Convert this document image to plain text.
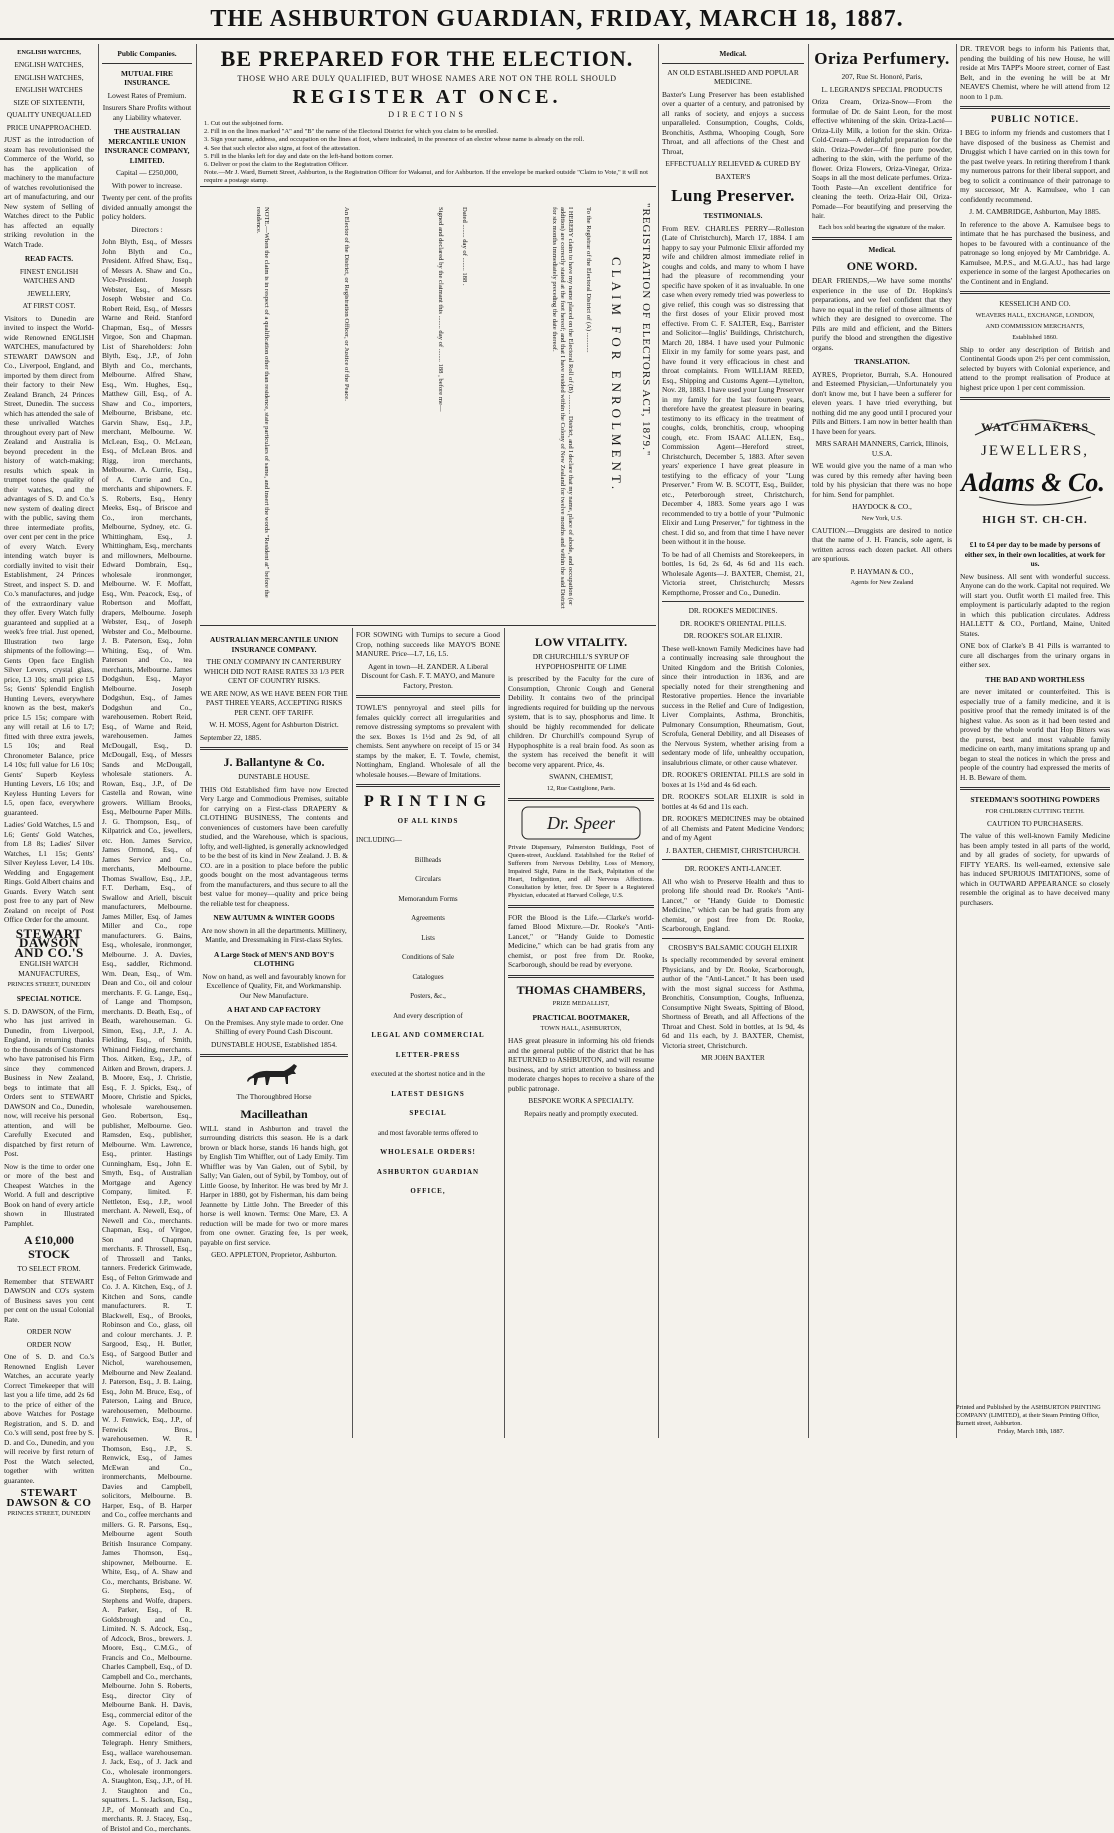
THE ASHBURTON GUARDIAN, FRIDAY, MARCH 18, 1887.

ENGLISH WATCHES,

ENGLISH WATCHES,

ENGLISH WATCHES,

ENGLISH WATCHES

SIZE OF SIXTEENTH,

QUALITY UNEQUALLED

PRICE UNAPPROACHED.

JUST as the introduction of steam has revolutionised the Commerce of the World, so has the application of machinery to the manufacture of watches revolutionised the art of manufacturing, and our New system of Selling of Watches direct to the Public has affected an equally striking revolution in the Watch Trade.

READ FACTS.

FINEST ENGLISH WATCHES AND

JEWELLERY,

AT FIRST COST.

Visitors to Dunedin are invited to inspect the World-wide Renowned ENGLISH WATCHES, manufactured by STEWART DAWSON and Co., Liverpool, England, and imported by them direct from their factory to their New Zealand Branch, 24 Princes Street, Dunedin. The success which has attended the sale of these unrivalled Watches throughout every part of New Zealand and Australia is beyond precedent in the history of watch-making; results which speak in trumpet tones the quality of their watches, and the advantages of S. D. and Co.'s new system of dealing direct with the public, saving them three intermediate profits, over cent per cent in the price of every Watch. Every intending watch buyer is cordially invited to visit their Establishment, 24 Princes Street, and inspect S. D. and Co.'s manufactures, and judge of the extraordinary value they offer. Every Watch fully guaranteed and supplied at a week's free trial. Just opened, Illustration two large shipments of the following:—Gents Open face English Silver Levers, crystal glass, price, L3 10s; small price L5 5s; Gents' Splendid English Hunting Levers, everywhere known as the best, maker's price L5 15s; compare with any will retail at L6 to L7; fitted with three extra jewels, L5 10s; and Real Chronometer Balance, price L4 10s; full value for L6 10s; Gents' Superb Keyless Hunting Levers, L6 10s; and Keyless Hunting Levers for L5, open face, everywhere guaranteed.

Ladies' Gold Watches, L5 and L6; Gents' Gold Watches, from L8 8s; Ladies' Silver Watches, L1 15s; Gents' Silver Keyless Lever, L4 10s. Wedding and Engagement Rings. Gold Albert chains and Guards. Every Watch sent post free to any part of New Zealand on receipt of Post Office Order for the amount.

STEWART DAWSON AND CO.'S

ENGLISH WATCH MANUFACTURES,

PRINCES STREET, DUNEDIN

SPECIAL NOTICE.

S. D. DAWSON, of the Firm, who has just arrived in Dunedin, from Liverpool, England, in returning thanks to the thousands of Customers who have patronised his Firm since they commenced Business in New Zealand, begs to intimate that all Orders sent to STEWART DAWSON and Co., Dunedin, now, will receive his personal attention, and will be Carefully Executed and dispatched by first return of Post.

Now is the time to order one or more of the best and Cheapest Watches in the World. A full and descriptive Book on hand of every article shown in Illustrated Pamphlet.

A £10,000 STOCK

TO SELECT FROM.

Remember that STEWART DAWSON and CO's system of Business saves you cent per cent on the usual Colonial Rate.

ORDER NOW

ORDER NOW

One of S. D. and Co.'s Renowned English Lever Watches, an accurate yearly Correct Timekeeper that will last you a life time, add 2s 6d to the price of either of the above Watches for Postage Registration, and S. D. and Co.'s will send, post free by S. D. and Co., Dunedin, and you will receive by first return of Post the Watch selected, together with written guarantee.

STEWART DAWSON & CO

PRINCES STREET, DUNEDIN

Public Companies.

MUTUAL FIRE INSURANCE.

Lowest Rates of Premium.

Insurers Share Profits without any Liability whatever.

THE AUSTRALIAN MERCANTILE UNION INSURANCE COMPANY, LIMITED.

Capital — £250,000,

With power to increase.

Twenty per cent. of the profits divided annually amongst the policy holders.

Directors :

John Blyth, Esq., of Messrs John Blyth and Co., President. Alfred Shaw, Esq., of Messrs A. Shaw and Co., Vice-President. Joseph Webster, Esq., of Messrs Joseph Webster and Co. Robert Reid, Esq., of Messrs Warne and Reid. Stanford Chapman, Esq., of Messrs Virgoe, Son and Chapman. List of Shareholders: John Blyth, Esq., J.P., of John Blyth and Co., merchants, Melbourne. Alfred Shaw, Esq., Wm. Hughes, Esq., Matthew Gill, Esq., of A. Shaw and Co., importers, Melbourne, Brisbane, etc. Garvin Shaw, Esq., J.P., merchant, Melbourne. W. McLean, Esq., O. McLean, Esq., of McLean Bros. and Rigg, iron merchants, Melbourne. A. Currie, Esq., of A. Currie and Co., merchants and shipowners. F. S. Roberts, Esq., Henry Meeks, Esq., of Briscoe and Co., iron merchants, Melbourne, Sydney, etc. G. Whittingham, Esq., J. Whittingham, Esq., merchants and millowners, Melbourne. Edward Dombrain, Esq., wholesale ironmonger, Melbourne. W. F. Moffatt, Esq., Wm. Peacock, Esq., of Robertson and Moffatt, drapers, Melbourne. Joseph Webster, Esq., of Joseph Webster and Co., Melbourne. J. B. Paterson, Esq., John Whiting, Esq., of Wm. Paterson and Co., tea merchants, Melbourne. James Dodgshun, Esq., Mayor Melbourne. Joseph Dodgshun, Esq., of James Dodgshun and Co., warehousemen. Robert Reid, Esq., of Warne and Reid, warehousemen. James McDougall, Esq., D. McDougall, Esq., of Messrs Sands and McDougall, wholesale stationers. A. Rowan, Esq., J.P., of De Castella and Rowan, wine growers. William Brooks, Esq., Melbourne Paper Mills. J. G. Thompson, Esq., of Kilpatrick and Co., jewellers, etc. Hon. James Service, James Ormond, Esq., of James Service and Co., merchants, Melbourne. Thomas Swallow, Esq., J.P., F.T. Derham, Esq., of Swallow and Ariell, biscuit manufacturers, Melbourne. James Miller, Esq. of James Miller and Co., rope manufacturers. G. Bains, Esq., wholesale, ironmonger, Melbourne. J. A. Davies, Esq., saddler, Richmond. Wm. Dean, Esq., of Wm. Dean and Co., oil and colour merchants. F. G. Lange, Esq., of Lange and Thompson, merchants. D. Beath, Esq., of Beath, warehouseman. G. Simon, Esq., J.P., J. A. Fielding, Esq., of Smith, Whinand Fielding, merchants. Thos. Aitken, Esq., J.P., of Aitken and Brown, drapers. J. B. Moore, Esq., J. Christie, Esq., F. J. Spicks, Esq., of Moore, Christie and Spicks, wholesale warehousemen. Geo. Robertson, Esq., publisher, Melbourne. Geo. Ramsden, Esq., publisher, Melbourne. Wm. Lawrence, Esq., printer. Hastings Cunningham, Esq., John E. Smyth, Esq., of Australian Mortgage and Agency Company, limited. F. Nettleton, Esq., J.P., wool merchant. A. Newell, Esq., of Newell and Co., merchants. Chapman, Esq., of Virgoe, Son and Chapman, merchants. F. Throssell, Esq., of Throssell and Tanks, tanners. Frederick Grimwade, Esq., of Felton Grimwade and Co. J. A. Kitchen, Esq., of J. Kitchen and Sons, candle manufacturers. R. T. Blackwell, Esq., of Brooks, Robinson and Co., glass, oil and colour merchants. J. P. Sargood, Esq., H. Butler, Esq., of Sargood Butler and Nichol, warehousemen, Melbourne and New Zealand. J. Paterson, Esq., J. B. Laing, Esq., John M. Bruce, Esq., of Paterson, Laing and Bruce, warehousemen, Melbourne. W. J. Fenwick, Esq., J.P., of Fenwick Bros., warehousemen. W. R. Thomson, Esq., J.P., S. Renwick, Esq., of James McEwan and Co., ironmerchants, Melbourne. Davies and Campbell, solicitors, Melbourne. B. Harper, Esq., of B. Harper and Co., coffee merchants and millers. G. R. Parsons, Esq., Melbourne agent South British Insurance Company. James Thomson, Esq., shipowner, Melbourne. E. White, Esq., of A. Shaw and Co., merchants, Brisbane. W. G. Stephens, Esq., of Stephens and Wolfe, drapers. A. Parker, Esq., of R. Goldsbrough and Co., Limited. N. S. Adcock, Esq., of Adcock, Bros., brewers. J. Moore, Esq., C.M.G., of Francis and Co., Melbourne. Charles Campbell, Esq., of D. Campbell and Co., merchants, Melbourne. John S. Roberts, Esq., director City of Melbourne Bank. H. Davis, Esq., commercial editor of the Age. S. Copeland, Esq., commercial editor of the Telegraph. Henry Smithers, Esq., wallace warehouseman. J. Jack, Esq., of J. Jack and Co., wholesale ironmongers. A. Staughton, Esq., J.P., of H. J. Staughton and Co., squatters. L. S. Jackson, Esq., J.P., of Monteath and Co., merchants. R. J. Stacey, Esq., of Bristol and Co., merchants.

BE PREPARED FOR THE ELECTION.
THOSE WHO ARE DULY QUALIFIED, BUT WHOSE NAMES ARE NOT ON THE ROLL SHOULD
REGISTER AT ONCE.
DIRECTIONS
1. Cut out the subjoined form.
2. Fill in on the lines marked "A" and "B" the name of the Electoral District for which you claim to be enrolled.
3. Sign your name, address, and occupation on the lines at foot, where indicated, in the presence of an elector whose name is already on the roll.
4. See that such elector also signs, at foot of the attestation.
5. Fill in the blanks left for day and date on the left-hand bottom corner.
6. Deliver or post the claim to the Registration Officer.
Note.—Mr J. Ward, Burnett Street, Ashburton, is the Registration Officer for Wakanui, and for Ashburton. If the envelope be marked outside "Claim to Vote," it will not require a postage stamp.
"REGISTRATION OF ELECTORS ACT, 1879."
CLAIM FOR ENROLMENT.
To the Registrar of the Electoral District of (A) ............
I HEREBY claim to have my name placed on the Electoral Roll of (B) ............ District, and I declare that my name, place of abode, and occupation (or addition) are correctly stated at the foot hereof; and that I have resided within the Colony of New Zealand for twelve months and within the said District for six months immediately preceding the date thereof.
Dated ........ day of ........ 188 .
Signed and declared by the claimant this ........ day of ........ 188 , before me—
An Elector of the District, or Registration Officer, or Justice of the Peace.
NOTE.—When the claim is in respect of a qualification other than residence, state particulars of same, and insert the words "Resident at" before the residence.

AUSTRALIAN MERCANTILE UNION INSURANCE COMPANY.

THE ONLY COMPANY IN CANTERBURY WHICH DID NOT RAISE RATES 33 1/3 PER CENT OF COUNTRY RISKS.

WE ARE NOW, AS WE HAVE BEEN FOR THE PAST THREE YEARS, ACCEPTING RISKS PER CENT. OFF TARIFF.

W. H. MOSS, Agent for Ashburton District.

September 22, 1885.

J. Ballantyne & Co.

DUNSTABLE HOUSE.

THIS Old Established firm have now Erected Very Large and Commodious Premises, suitable for carrying on a First-class DRAPERY & CLOTHING BUSINESS, The contents and conveniences of customers have been carefully studied, and the Warehouse, which is spacious, lofty, and well-lighted, is generally acknowledged to be the best of its kind in New Zealand. J. B. & CO. are in a position to place before the public goods bought on the most advantageous terms from the manufacturers, and thus secure to all the best value for money—quality and price being the reliable test for cheapness.

NEW AUTUMN & WINTER GOODS

Are now shown in all the departments. Millinery, Mantle, and Dressmaking in First-class Styles.

A Large Stock of MEN'S AND BOY'S CLOTHING

Now on hand, as well and favourably known for Excellence of Quality, Fit, and Workmanship. Our New Manufacture.

A HAT AND CAP FACTORY

On the Premises. Any style made to order. One Shilling of every Pound Cash Discount.

DUNSTABLE HOUSE, Established 1854.

The Thoroughbred Horse

Macilleathan

WILL stand in Ashburton and travel the surrounding districts this season. He is a dark brown or black horse, stands 16 hands high, got by English Tim Whiffler, out of Lady Emily. Tim Whiffler was by Van Galen, out of Sybil, by Sally; Van Galen, out of Sybil, by Tomboy, out of Little Goose, by Inheritor. He was bred by Mr J. Harper in 1880, got by Fisherman, his dam being Jeannette by Little John. The Breeder of this horse is well known. Terms: One Mare, £3. A reduction will be made for two or more mares from one owner. Grazing fee, 1s per week, payable on first service.

GEO. APPLETON, Proprietor, Ashburton.

FOR SOWING with Turnips to secure a Good Crop, nothing succeeds like MAYO'S BONE MANURE. Price—L7, L6, L5.

Agent in town—H. ZANDER. A Liberal Discount for Cash. F. T. MAYO, and Manure Factory, Preston.

TOWLE'S pennyroyal and steel pills for females quickly correct all irregularities and remove distressing symptoms so prevalent with the sex. Boxes 1s 1½d and 2s 9d, of all chemists. Sent anywhere on receipt of 15 or 34 stamps by the maker, E. T. Towle, chemist, Nottingham, England. Wholesale of all the wholesale houses.—Beware of Imitations.

PRINTING

OF ALL KINDS

INCLUDING—

Billheads

Circulars

Memorandum Forms

Agreements

Lists

Conditions of Sale

Catalogues

Posters, &c.,

And every description of

LEGAL AND COMMERCIAL

LETTER-PRESS

executed at the shortest notice and in the

LATEST DESIGNS

SPECIAL

and most favorable terms offered to

WHOLESALE ORDERS!

ASHBURTON GUARDIAN

OFFICE,

LOW VITALITY.

DR CHURCHILL'S SYRUP OF HYPOPHOSPHITE OF LIME

is prescribed by the Faculty for the cure of Consumption, Chronic Cough and General Debility. It contains two of the principal ingredients required for building up the nervous system, that is to say, phosphorus and lime. It should be highly recommended for delicate children. Dr Churchill's compound Syrup of Hypophosphite is a real brain food. As soon as the system has received the benefit it will become very apparent. Price, 4s.

SWANN, CHEMIST,

12, Rue Castiglione, Paris.

Dr. Speer

Private Dispensary, Palmerston Buildings, Foot of Queen-street, Auckland. Established for the Relief of Sufferers from Nervous Debility, Loss of Memory, Impaired Sight, Pains in the Back, Palpitation of the Heart, Indigestion, and all Nervous Affections. Consultation by letter, free. Dr Speer is a Registered Physician, educated at Harvard College, U.S.

FOR the Blood is the Life.—Clarke's world-famed Blood Mixture.—Dr. Rooke's "Anti-Lancet," or "Handy Guide to Domestic Medicine," which can be had gratis from any chemist, or post free from Dr. Rooke, Scarborough, should be read by everyone.

THOMAS CHAMBERS,

PRIZE MEDALLIST,

PRACTICAL BOOTMAKER,

TOWN HALL, ASHBURTON,

HAS great pleasure in informing his old friends and the general public of the district that he has RETURNED to ASHBURTON, and will resume business, and by strict attention to business and moderate charges hopes to receive a share of the public patronage.

BESPOKE WORK A SPECIALTY.

Repairs neatly and promptly executed.

Medical.

AN OLD ESTABLISHED AND POPULAR MEDICINE.

Baxter's Lung Preserver has been established over a quarter of a century, and patronised by all ranks of society, and enjoys a success unparalleled. Consumption, Coughs, Colds, Bronchitis, Asthma, Whooping Cough, Sore Throat, and all affections of the Chest and Throat,

EFFECTUALLY RELIEVED & CURED BY

BAXTER'S

Lung Preserver.

TESTIMONIALS.

From REV. CHARLES PERRY—Rolleston (Late of Christchurch), March 17, 1884. I am happy to say your Pulmonic Elixir afforded my wife and children almost immediate relief in coughs and colds, and many to whom I have had the pleasure of recommending your specific have spoken of it as invaluable. In one case when every remedy tried was powerless to give relief, this cough was so distressing that the first doses of your Elixir proved most effective. From C. F. SALTER, Esq., Barrister and Solicitor—Inglis' Buildings, Christchurch, March 20, 1884. I have used your Pulmonic Elixir in my family for some years past, and have found it very efficacious in chest and throat complaints. From WILLIAM REED, Esq., Shipping and Customs Agent—Lyttelton, Nov. 28, 1883. I have used your Lung Preserver in my family for the last fourteen years, therefore have the greatest pleasure in bearing testimony to its efficacy in the treatment of coughs, colds, bronchitis, croup, whooping cough, etc. From ISAAC ALLEN, Esq., Commission Agent—Hereford street, Christchurch, December 5, 1883. After seven years' experience I have great pleasure in testifying to the efficacy of your "Lung Preserver." From W. B. SCOTT, Esq., Builder, etc., Peterborough street, Christchurch, December 4, 1883. Some years ago I was recommended to try a bottle of your "Pulmonic Elixir and Lung Preserver," for tightness in the chest. I did so, and from that time I have never been without it in the house.

To be had of all Chemists and Storekeepers, in bottles, 1s 6d, 2s 6d, 4s 6d and 11s each. Wholesale Agents—J. BAXTER, Chemist, 21, Victoria street, Christchurch; Messrs Kempthorne, Prosser and Co., Dunedin.

DR. ROOKE'S MEDICINES.

DR. ROOKE'S ORIENTAL PILLS.

DR. ROOKE'S SOLAR ELIXIR.

These well-known Family Medicines have had a continually increasing sale throughout the United Kingdom and the British Colonies, since their introduction in 1836, and are specially noted for their strengthening and Restorative properties. Hence the invariable success in the Relief and Cure of Indigestion, Liver Complaints, Asthma, Bronchitis, Pulmonary Consumption, Rheumatism, Gout, Scrofula, General Debility, and all Diseases of the Nervous System, whether arising from a sedentary mode of life, unhealthy occupation, insalubrious climate, or other cause whatever.

DR. ROOKE'S ORIENTAL PILLS are sold in boxes at 1s 1½d and 4s 6d each.

DR. ROOKE'S SOLAR ELIXIR is sold in bottles at 4s 6d and 11s each.

DR. ROOKE'S MEDICINES may be obtained of all Chemists and Patent Medicine Vendors; and of my Agent

J. BAXTER, CHEMIST, CHRISTCHURCH.

DR. ROOKE'S ANTI-LANCET.

All who wish to Preserve Health and thus to prolong life should read Dr. Rooke's "Anti-Lancet," or "Handy Guide to Domestic Medicine," which can be had gratis from any chemist, or post free from Dr. Rooke, Scarborough, England.

CROSBY'S BALSAMIC COUGH ELIXIR

Is specially recommended by several eminent Physicians, and by Dr. Rooke, Scarborough, author of the "Anti-Lancet." It has been used with the most signal success for Asthma, Bronchitis, Consumption, Coughs, Influenza, Consumptive Night Sweats, Spitting of Blood, Shortness of Breath, and all Affections of the Throat and Chest. Sold in bottles, at 1s 9d, 4s 6d and 11s each, by J. BAXTER, Chemist, Victoria street, Christchurch.

MR JOHN BAXTER

Oriza Perfumery.

207, Rue St. Honoré, Paris,

L. LEGRAND'S SPECIAL PRODUCTS

Oriza Cream, Oriza-Snow—From the formulae of Dr. de Saint Leon, for the most effective whitening of the skin. Oriza-Lacté—Oriza-Lily Milk, a lotion for the skin. Oriza-Cold-Cream—A delightful preparation for the skin. Oriza-Powder—Of fine pure powder, adhering to the skin, with the perfume of the flower. Oriza Flowers, Oriza-Vinegar, Oriza-Soaps in all the most delicate perfumes. Oriza-Tooth Paste—An excellent dentifrice for cleaning the teeth. Oriza-Hair Oil, Oriza-Pomade—For beautifying and preserving the hair.

Each box sold bearing the signature of the maker.

Medical.

ONE WORD.

DEAR FRIENDS,—We have some months' experience in the use of Dr. Hopkins's preparations, and we feel confident that they have no equal in the relief of those ailments of which they are designed to overcome. The Pills are mild and efficient, and the Bitters purify the blood and strengthen the digestive organs.

TRANSLATION.

AYRES, Proprietor, Burrah, S.A. Honoured and Esteemed Physician,—Unfortunately you don't know me, but I have been a sufferer for eleven years. I have tried everything, but nothing did me any good until I procured your Pills and Bitters. I am now in better health than I have been for years.

MRS SARAH MANNERS, Carrick, Illinois, U.S.A.

WE would give you the name of a man who was cured by this remedy after having been told by his physician that there was no hope for him. Send for pamphlet.

HAYDOCK & CO.,

New York, U.S.

CAUTION.—Druggists are desired to notice that the name of J. H. Francis, sole agent, is written across each dozen packet. All others are spurious.

P. HAYMAN & CO.,

Agents for New Zealand

DR. TREVOR begs to inform his Patients that, pending the building of his new House, he will reside at Mrs TAPP's Moore street, corner of East Belt, and in the evening he will be at Mr NEAVE'S Chemist, where he will attend from 12 noon to 1 p.m.

PUBLIC NOTICE.

I BEG to inform my friends and customers that I have disposed of the business as Chemist and Druggist which I have carried on in this town for the past twelve years. In retiring therefrom I thank my numerous patrons for their liberal support, and beg to solicit a continuance of their patronage to my successor, Mr A. Kamulsee, who I can confidently recommend.

J. M. CAMBRIDGE, Ashburton, May 1885.

In reference to the above A. Kamulsee begs to intimate that he has purchased the business, and hopes to be favoured with a continuance of the patronage so long enjoyed by Mr Cambridge. A. Kamulsee, M.P.S., and M.G.A.U., has had large experience in some of the largest Apothecaries on the Continent and in England.

KESSELICH AND CO.

WEAVERS HALL, EXCHANGE, LONDON,

AND COMMISSION MERCHANTS,

Established 1860.

Ship to order any description of British and Continental Goods upon 2½ per cent commission, selected by buyers with Colonial experience, and attend to the prompt realisation of Produce at highest price upon 1 per cent commission.

WATCHMAKERS
JEWELLERS,
Adams & Co.
HIGH ST. CH-CH.

£1 to £4 per day to be made by persons of either sex, in their own localities, at work for us.

New business. All sent with wonderful success. Anyone can do the work. Capital not required. We will start you. Outfit worth £1 mailed free. This employment is particularly adapted to the region in which this publication circulates. Address HALLETT & CO., Portland, Maine, United States.

ONE box of Clarke's B 41 Pills is warranted to cure all discharges from the urinary organs in either sex.

THE BAD AND WORTHLESS

are never imitated or counterfeited. This is especially true of a family medicine, and it is positive proof that the remedy imitated is of the highest value. As soon as it had been tested and proved by the whole world that Hop Bitters was the purest, best and most valuable family medicine on earth, many imitations sprang up and began to steal the notices in which the press and people of the country had expressed the merits of H. B. Beware of them.

STEEDMAN'S SOOTHING POWDERS

FOR CHILDREN CUTTING TEETH.

CAUTION TO PURCHASERS.

The value of this well-known Family Medicine has been amply tested in all parts of the world, and by all grades of society, for upwards of FIFTY YEARS. Its well-earned, extensive sale has induced SPURIOUS IMITATIONS, some of which in OUTWARD APPEARANCE so closely resemble the original as to have deceived many purchasers.

Printed and Published by the ASHBURTON PRINTING COMPANY (LIMITED), at their Steam Printing Office, Burnett street, Ashburton.

Friday, March 18th, 1887.
